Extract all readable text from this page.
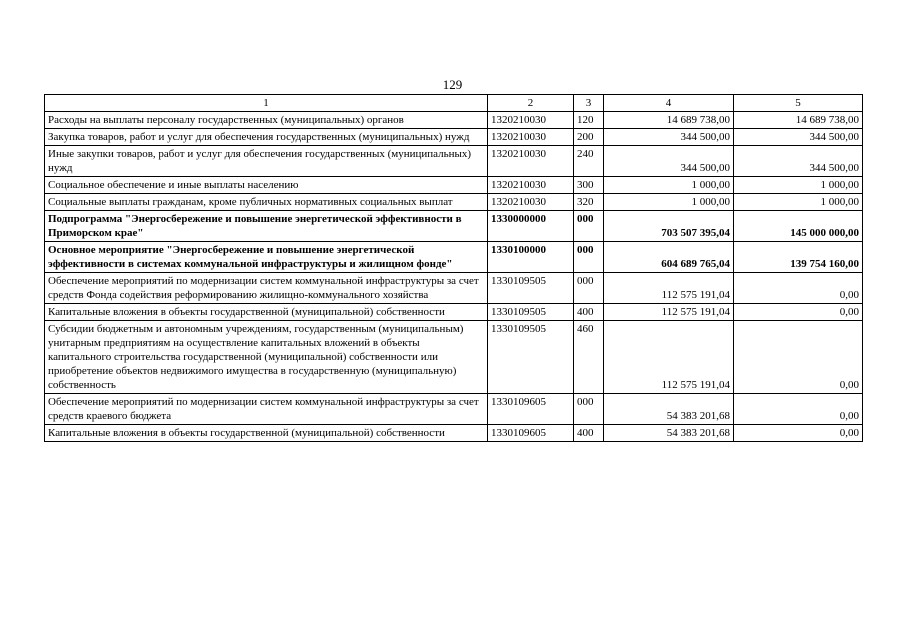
129
1	2	3	4	5
Расходы на выплаты персоналу государственных (муниципальных) органов	1320210030	120	14 689 738,00	14 689 738,00
Закупка товаров, работ и услуг для обеспечения государственных (муниципальных) нужд	1320210030	200	344 500,00	344 500,00
Иные закупки товаров, работ и услуг для обеспечения государственных (муниципальных) нужд	1320210030	240	344 500,00	344 500,00
Социальное обеспечение и иные выплаты населению	1320210030	300	1 000,00	1 000,00
Социальные выплаты гражданам, кроме публичных нормативных социальных выплат	1320210030	320	1 000,00	1 000,00
Подпрограмма "Энергосбережение и повышение энергетической эффективности в Приморском крае"	1330000000	000	703 507 395,04	145 000 000,00
Основное мероприятие "Энергосбережение и повышение энергетической эффективности в системах коммунальной инфраструктуры и жилищном фонде"	1330100000	000	604 689 765,04	139 754 160,00
Обеспечение мероприятий по модернизации систем коммунальной инфраструктуры за счет средств Фонда содействия реформированию жилищно-коммунального хозяйства	1330109505	000	112 575 191,04	0,00
Капитальные вложения в объекты государственной (муниципальной) собственности	1330109505	400	112 575 191,04	0,00
Субсидии бюджетным и автономным учреждениям, государственным (муниципальным) унитарным предприятиям на осуществление капитальных вложений в объекты капитального строительства государственной (муниципальной) собственности или приобретение объектов недвижимого имущества в государственную (муниципальную) собственность	1330109505	460	112 575 191,04	0,00
Обеспечение мероприятий по модернизации систем коммунальной инфраструктуры за счет средств краевого бюджета	1330109605	000	54 383 201,68	0,00
Капитальные вложения в объекты государственной (муниципальной) собственности	1330109605	400	54 383 201,68	0,00
